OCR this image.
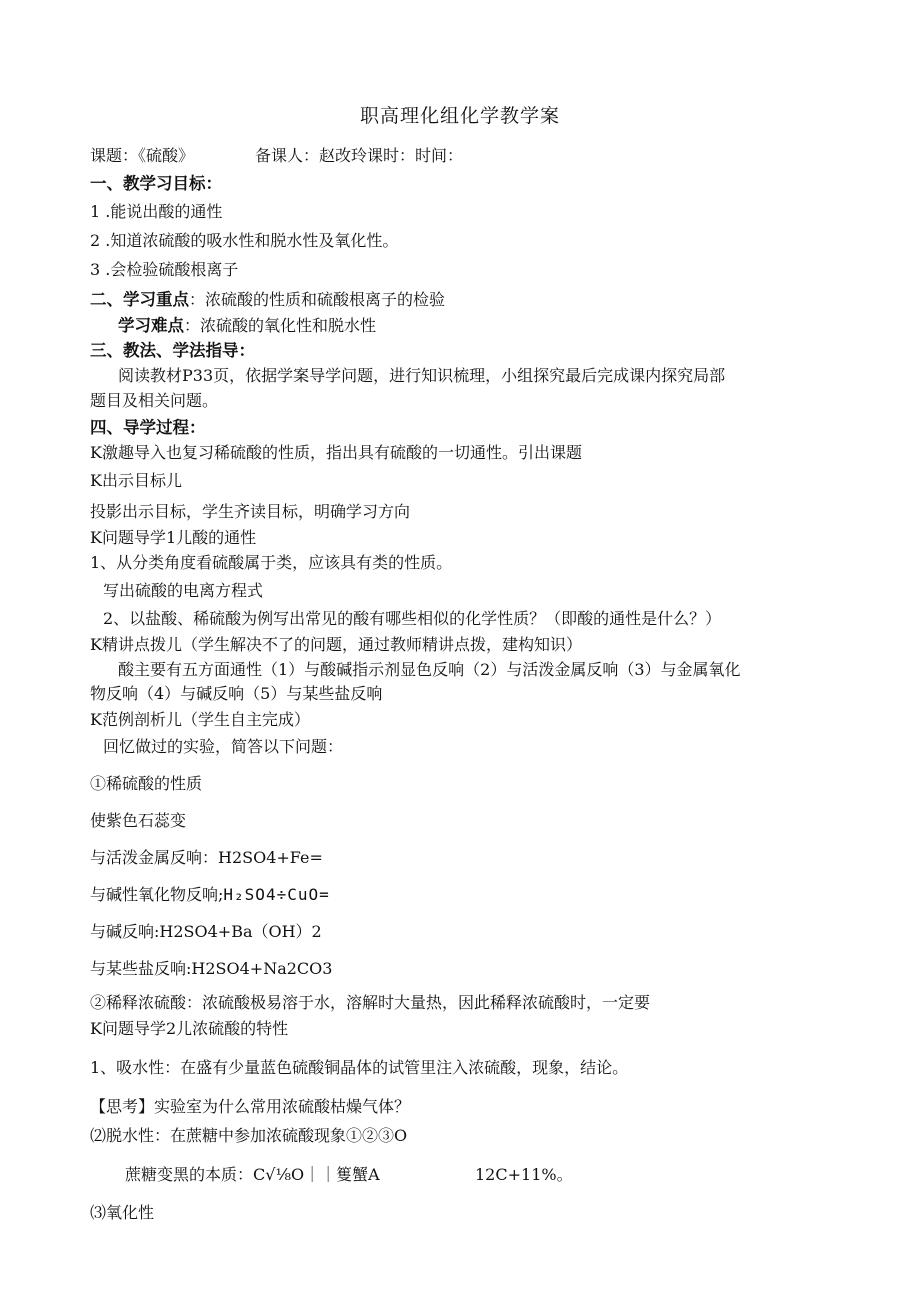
职高理化组化学教学案
课题：《硫酸》	备课人：赵改玲课时：时间：
一、教学习目标：
1 .能说出酸的通性
2 .知道浓硫酸的吸水性和脱水性及氧化性。
3 .会检验硫酸根离子
二、学习重点：浓硫酸的性质和硫酸根离子的检验
学习难点：浓硫酸的氧化性和脱水性
三、教法、学法指导：
阅读教材P33页，依据学案导学问题，进行知识梳理，小组探究最后完成课内探究局部
题目及相关问题。
四、导学过程：
K激趣导入也复习稀硫酸的性质，指出具有硫酸的一切通性。引出课题
K出示目标儿
投影出示目标，学生齐读目标，明确学习方向
K问题导学1儿酸的通性
1、从分类角度看硫酸属于类，应该具有类的性质。
写出硫酸的电离方程式
2、以盐酸、稀硫酸为例写出常见的酸有哪些相似的化学性质？（即酸的通性是什么？）
K精讲点拨儿（学生解决不了的问题，通过教师精讲点拨，建构知识）
酸主要有五方面通性（1）与酸碱指示剂显色反响（2）与活泼金属反响（3）与金属氧化
物反响（4）与碱反响（5）与某些盐反响
K范例剖析儿（学生自主完成）
回忆做过的实验，简答以下问题：
①稀硫酸的性质
使紫色石蕊变
与活泼金属反响：H2SO4+Fe=
与碱性氧化物反响;H₂SO4÷CuO=
与碱反响:H2SO4+Ba（OH）2
与某些盐反响:H2SO4+Na2CO3
②稀释浓硫酸：浓硫酸极易溶于水，溶解时大量热，因此稀释浓硫酸时，一定要
K问题导学2儿浓硫酸的特性
1、吸水性：在盛有少量蓝色硫酸铜晶体的试管里注入浓硫酸，现象，结论。
【思考】实验室为什么常用浓硫酸枯燥气体？
⑵脱水性：在蔗糖中参加浓硫酸现象①②③O
蔗糖变黑的本质：C√⅛O｜｜篗蟹A	12C+11%。
⑶氧化性
